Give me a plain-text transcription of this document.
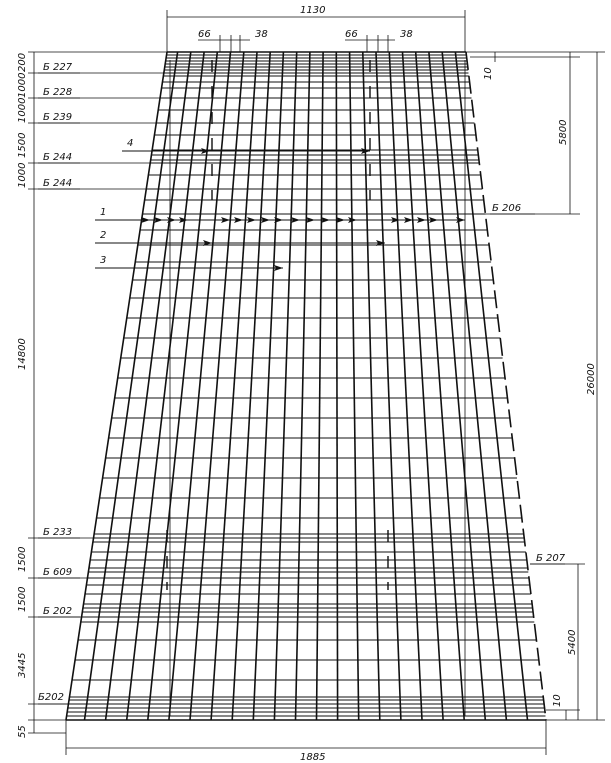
1130
66	38	66	38
1885
200
1000
1000
1500
1000
14800
1500
1500
3445
55
10
5800
26000
5400
10
Б 227
Б 228
Б 239
Б 244
Б 244
Б 233
Б 609
Б 202
Б202
Б 206
Б 207
1
2
3
4
